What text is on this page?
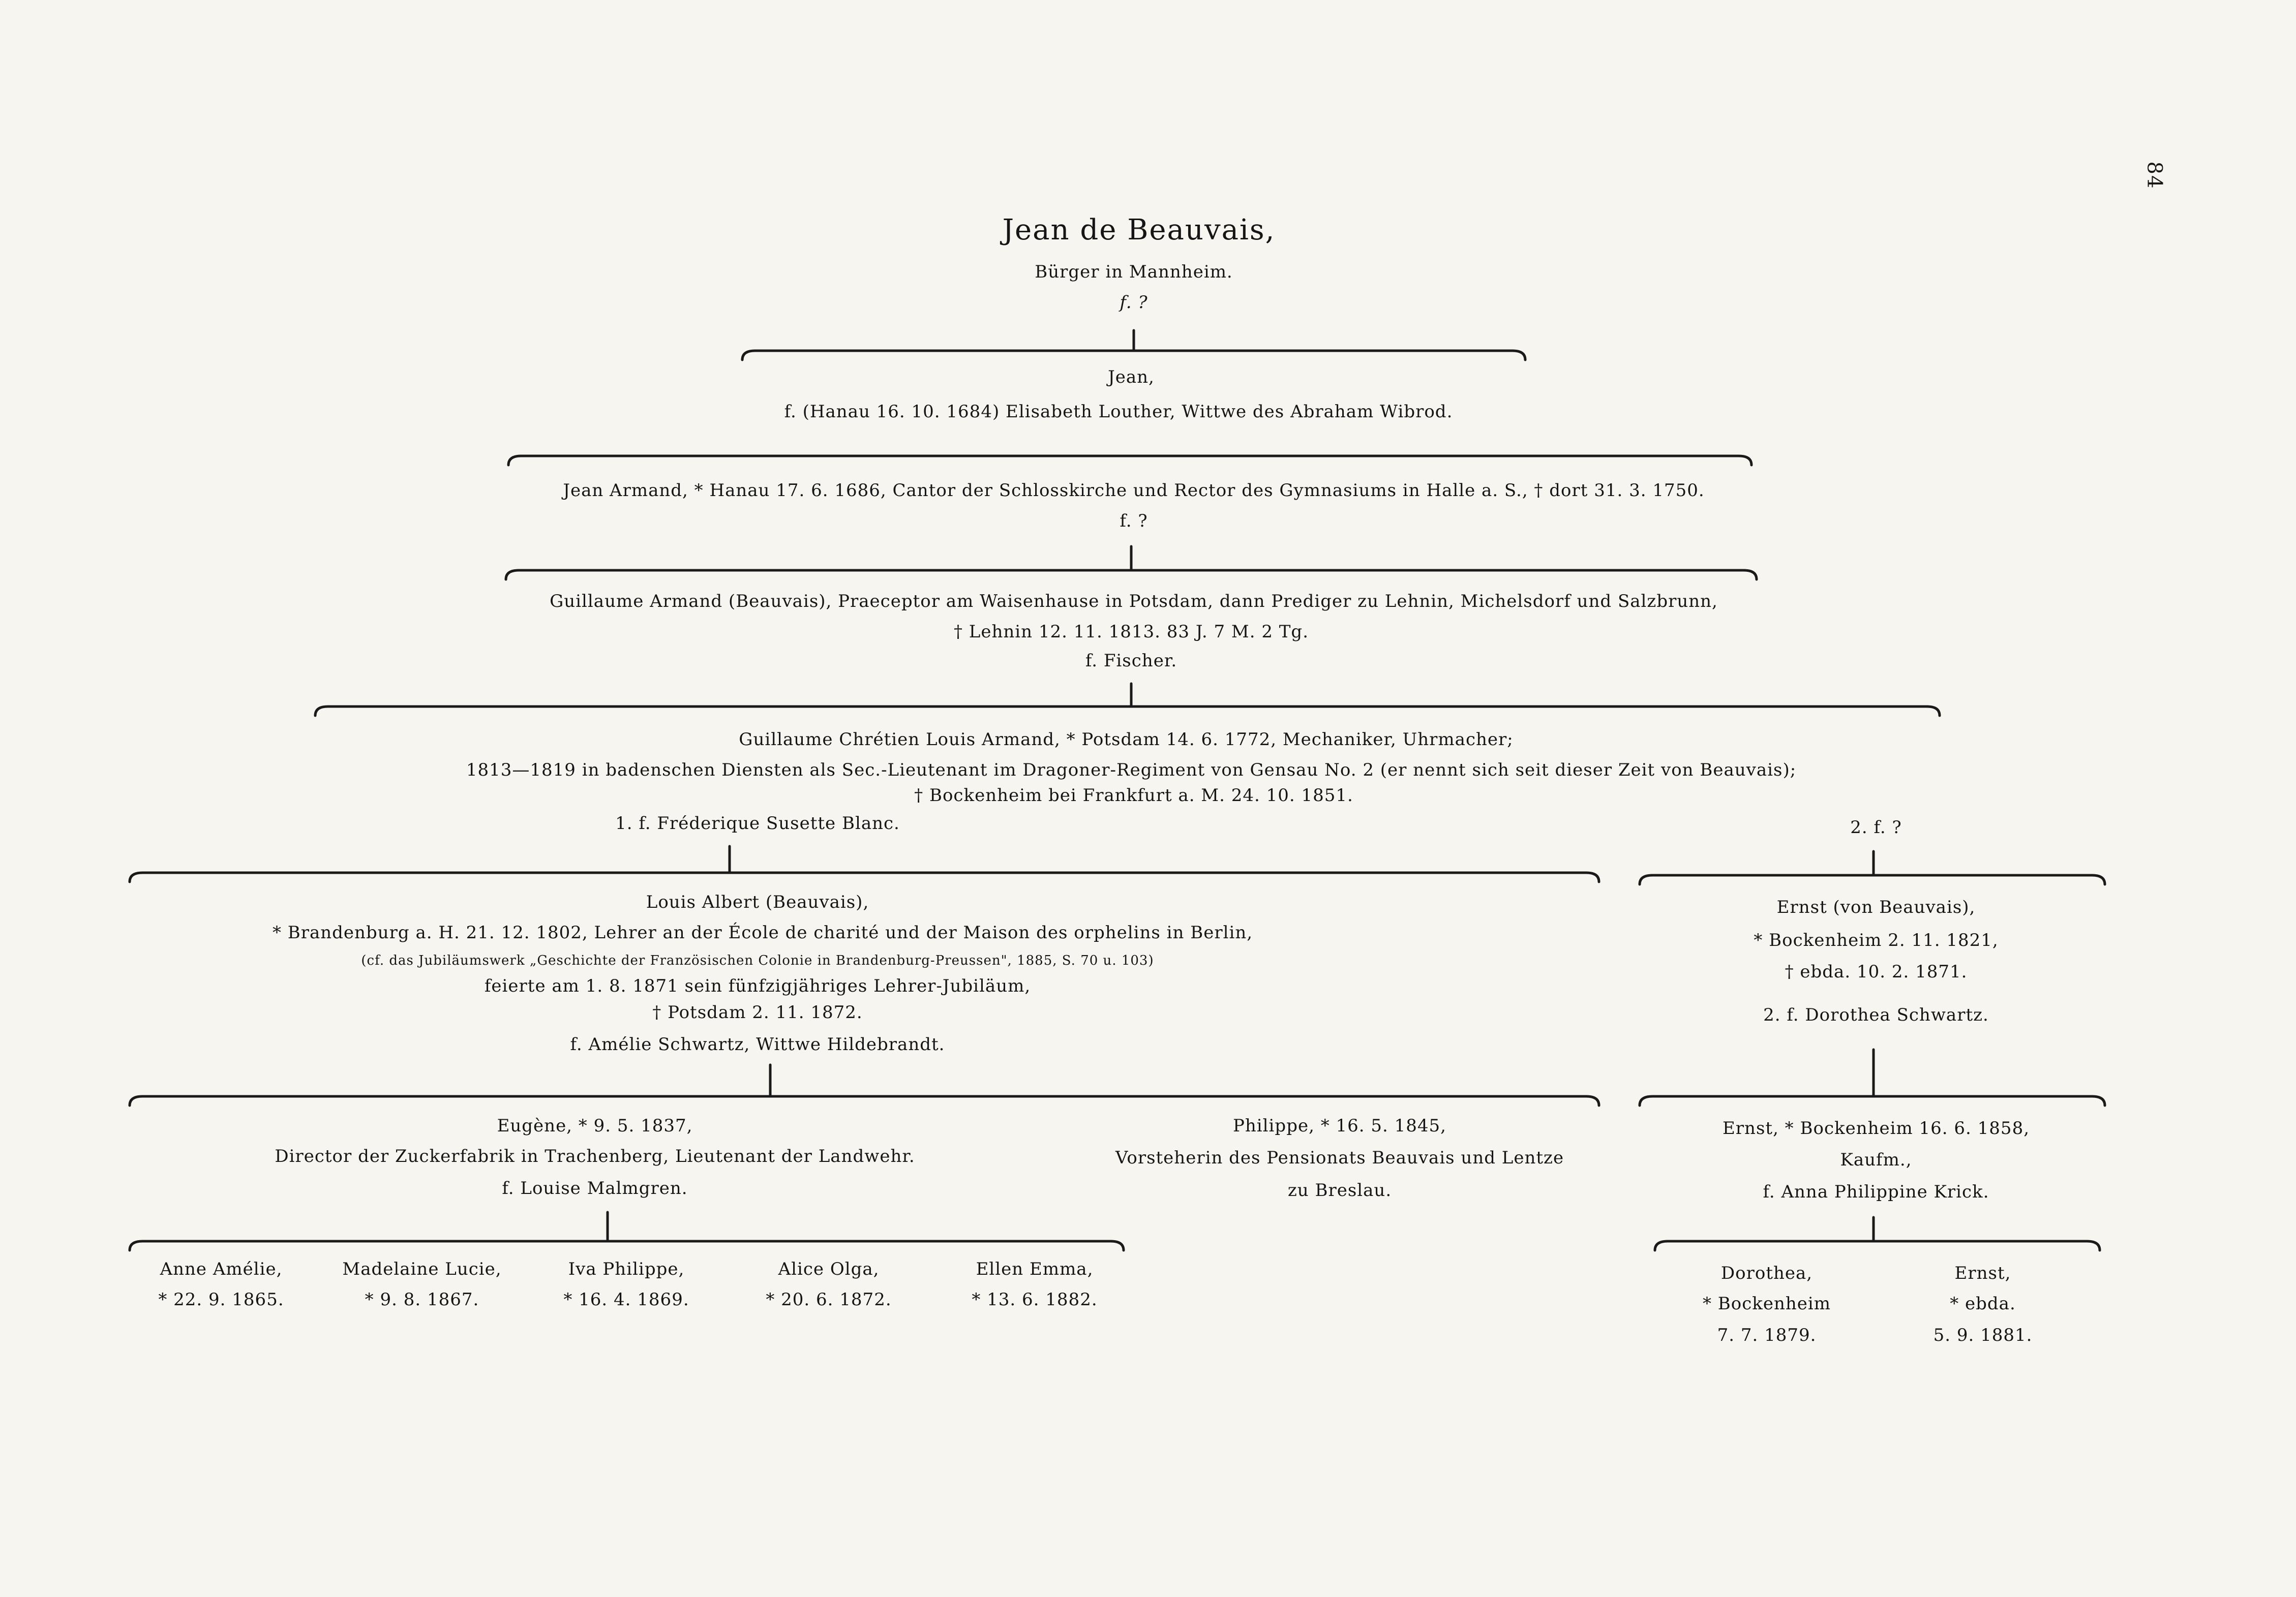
84
Jean de Beauvais,
Bürger in Mannheim.
f. ?
Jean,
f. (Hanau 16. 10. 1684) Elisabeth Louther, Wittwe des Abraham Wibrod.
Jean Armand, * Hanau 17. 6. 1686, Cantor der Schlosskirche und Rector des Gymnasiums in Halle a. S., † dort 31. 3. 1750.
f. ?
Guillaume Armand (Beauvais), Praeceptor am Waisenhause in Potsdam, dann Prediger zu Lehnin, Michelsdorf und Salzbrunn,
† Lehnin 12. 11. 1813. 83 J. 7 M. 2 Tg.
f. Fischer.
Guillaume Chrétien Louis Armand, * Potsdam 14. 6. 1772, Mechaniker, Uhrmacher;
1813—1819 in badenschen Diensten als Sec.-Lieutenant im Dragoner-Regiment von Gensau No. 2 (er nennt sich seit dieser Zeit von Beauvais);
† Bockenheim bei Frankfurt a. M. 24. 10. 1851.
1. f. Fréderique Susette Blanc.	2. f. ?
Louis Albert (Beauvais),
* Brandenburg a. H. 21. 12. 1802, Lehrer an der École de charité und der Maison des orphelins in Berlin,
(cf. das Jubiläumswerk „Geschichte der Französischen Colonie in Brandenburg-Preussen", 1885, S. 70 u. 103)
feierte am 1. 8. 1871 sein fünfzigjähriges Lehrer-Jubiläum,
† Potsdam 2. 11. 1872.
f. Amélie Schwartz, Wittwe Hildebrandt.
Ernst (von Beauvais),
* Bockenheim 2. 11. 1821,
† ebda. 10. 2. 1871.
2. f. Dorothea Schwartz.
Eugène, * 9. 5. 1837,
Director der Zuckerfabrik in Trachenberg, Lieutenant der Landwehr.
f. Louise Malmgren.
Philippe, * 16. 5. 1845,
Vorsteherin des Pensionats Beauvais und Lentze
zu Breslau.
Ernst, * Bockenheim 16. 6. 1858,
Kaufm.,
f. Anna Philippine Krick.
Anne Amélie,
* 22. 9. 1865.
Madelaine Lucie,
* 9. 8. 1867.
Iva Philippe,
* 16. 4. 1869.
Alice Olga,
* 20. 6. 1872.
Ellen Emma,
* 13. 6. 1882.
Dorothea,
* Bockenheim
7. 7. 1879.
Ernst,
* ebda.
5. 9. 1881.
